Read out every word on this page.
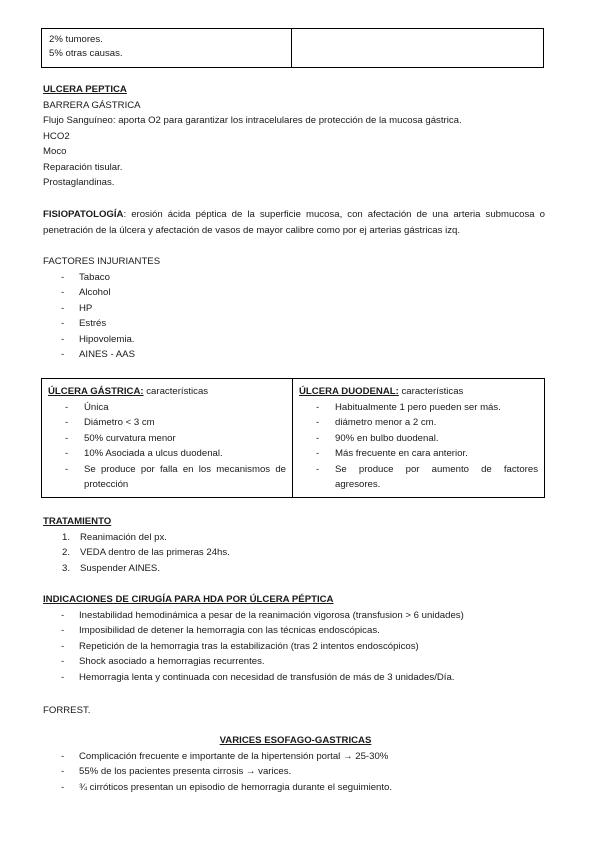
2% tumores.
5% otras causas.
ULCERA PEPTICA
BARRERA GÁSTRICA
Flujo Sanguíneo: aporta O2 para garantizar los intracelulares de protección de la mucosa gástrica.
HCO2
Moco
Reparación tisular.
Prostaglandinas.
FISIOPATOLOGÍA: erosión ácida péptica de la superficie mucosa, con afectación de una arteria submucosa o penetración de la úlcera y afectación de vasos de mayor calibre como por ej arterias gástricas izq.
FACTORES INJURIANTES
- Tabaco
- Alcohol
- HP
- Estrés
- Hipovolemia.
- AINES - AAS
ÚLCERA GÁSTRICA: características
- Única
- Diámetro < 3 cm
- 50% curvatura menor
- 10% Asociada a ulcus duodenal.
- Se produce por falla en los mecanismos de protección
ÚLCERA DUODENAL: características
- Habitualmente 1 pero pueden ser más.
- diámetro menor a 2 cm.
- 90% en bulbo duodenal.
- Más frecuente en cara anterior.
- Se produce por aumento de factores agresores.
TRATAMIENTO
1. Reanimación del px.
2. VEDA dentro de las primeras 24hs.
3. Suspender AINES.
INDICACIONES DE CIRUGÍA PARA HDA POR ÚLCERA PÉPTICA
- Inestabilidad hemodinámica a pesar de la reanimación vigorosa (transfusion > 6 unidades)
- Imposibilidad de detener la hemorragia con las técnicas endoscópicas.
- Repetición de la hemorragia tras la estabilización (tras 2 intentos endoscópicos)
- Shock asociado a hemorragias recurrentes.
- Hemorragia lenta y continuada con necesidad de transfusión de más de 3 unidades/Día.
FORREST.
VARICES ESOFAGO-GASTRICAS
- Complicación frecuente e importante de la hipertensión portal → 25-30%
- 55% de los pacientes presenta cirrosis → varices.
- ¾ cirróticos presentan un episodio de hemorragia durante el seguimiento.
